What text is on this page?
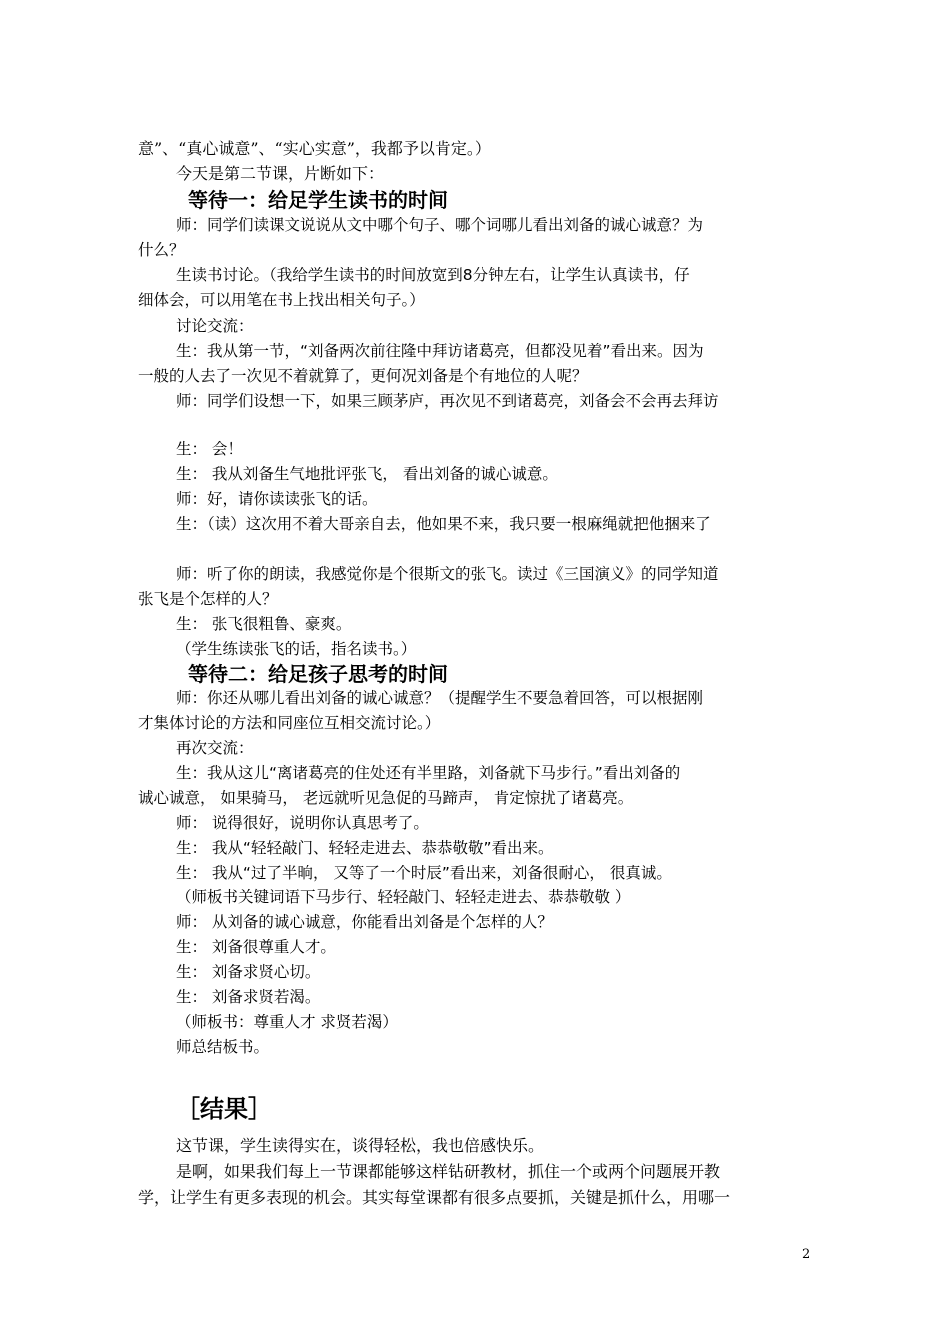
意”、“真心诚意”、“实心实意”，我都予以肯定。）
今天是第二节课，片断如下：
等待一：给足学生读书的时间
师：同学们读课文说说从文中哪个句子、哪个词哪儿看出刘备的诚心诚意？为
什么？
生读书讨论。（我给学生读书的时间放宽到8分钟左右，让学生认真读书，仔
细体会，可以用笔在书上找出相关句子。）
讨论交流：
生：我从第一节，“刘备两次前往隆中拜访诸葛亮，但都没见着”看出来。因为
一般的人去了一次见不着就算了，更何况刘备是个有地位的人呢？
师：同学们设想一下，如果三顾茅庐，再次见不到诸葛亮，刘备会不会再去拜访
生： 会！
生： 我从刘备生气地批评张飞， 看出刘备的诚心诚意。
师：好，请你读读张飞的话。
生：（读）这次用不着大哥亲自去，他如果不来，我只要一根麻绳就把他捆来了
师：听了你的朗读，我感觉你是个很斯文的张飞。读过《三国演义》的同学知道
张飞是个怎样的人？
生： 张飞很粗鲁、豪爽。
（学生练读张飞的话，指名读书。）
等待二：给足孩子思考的时间
师：你还从哪儿看出刘备的诚心诚意？（提醒学生不要急着回答，可以根据刚
才集体讨论的方法和同座位互相交流讨论。）
再次交流：
生：我从这儿“离诸葛亮的住处还有半里路，刘备就下马步行。”看出刘备的
诚心诚意， 如果骑马， 老远就听见急促的马蹄声， 肯定惊扰了诸葛亮。
师： 说得很好，说明你认真思考了。
生： 我从“轻轻敲门、轻轻走进去、恭恭敬敬”看出来。
生： 我从“过了半晌， 又等了一个时辰”看出来，刘备很耐心， 很真诚。
（师板书关键词语下马步行、轻轻敲门、轻轻走进去、恭恭敬敬 ）
师： 从刘备的诚心诚意，你能看出刘备是个怎样的人？
生： 刘备很尊重人才。
生： 刘备求贤心切。
生： 刘备求贤若渴。
（师板书：尊重人才 求贤若渴）
师总结板书。
［结果］
这节课，学生读得实在，谈得轻松，我也倍感快乐。
是啊，如果我们每上一节课都能够这样钻研教材，抓住一个或两个问题展开教
学，让学生有更多表现的机会。其实每堂课都有很多点要抓，关键是抓什么，用哪一
2
